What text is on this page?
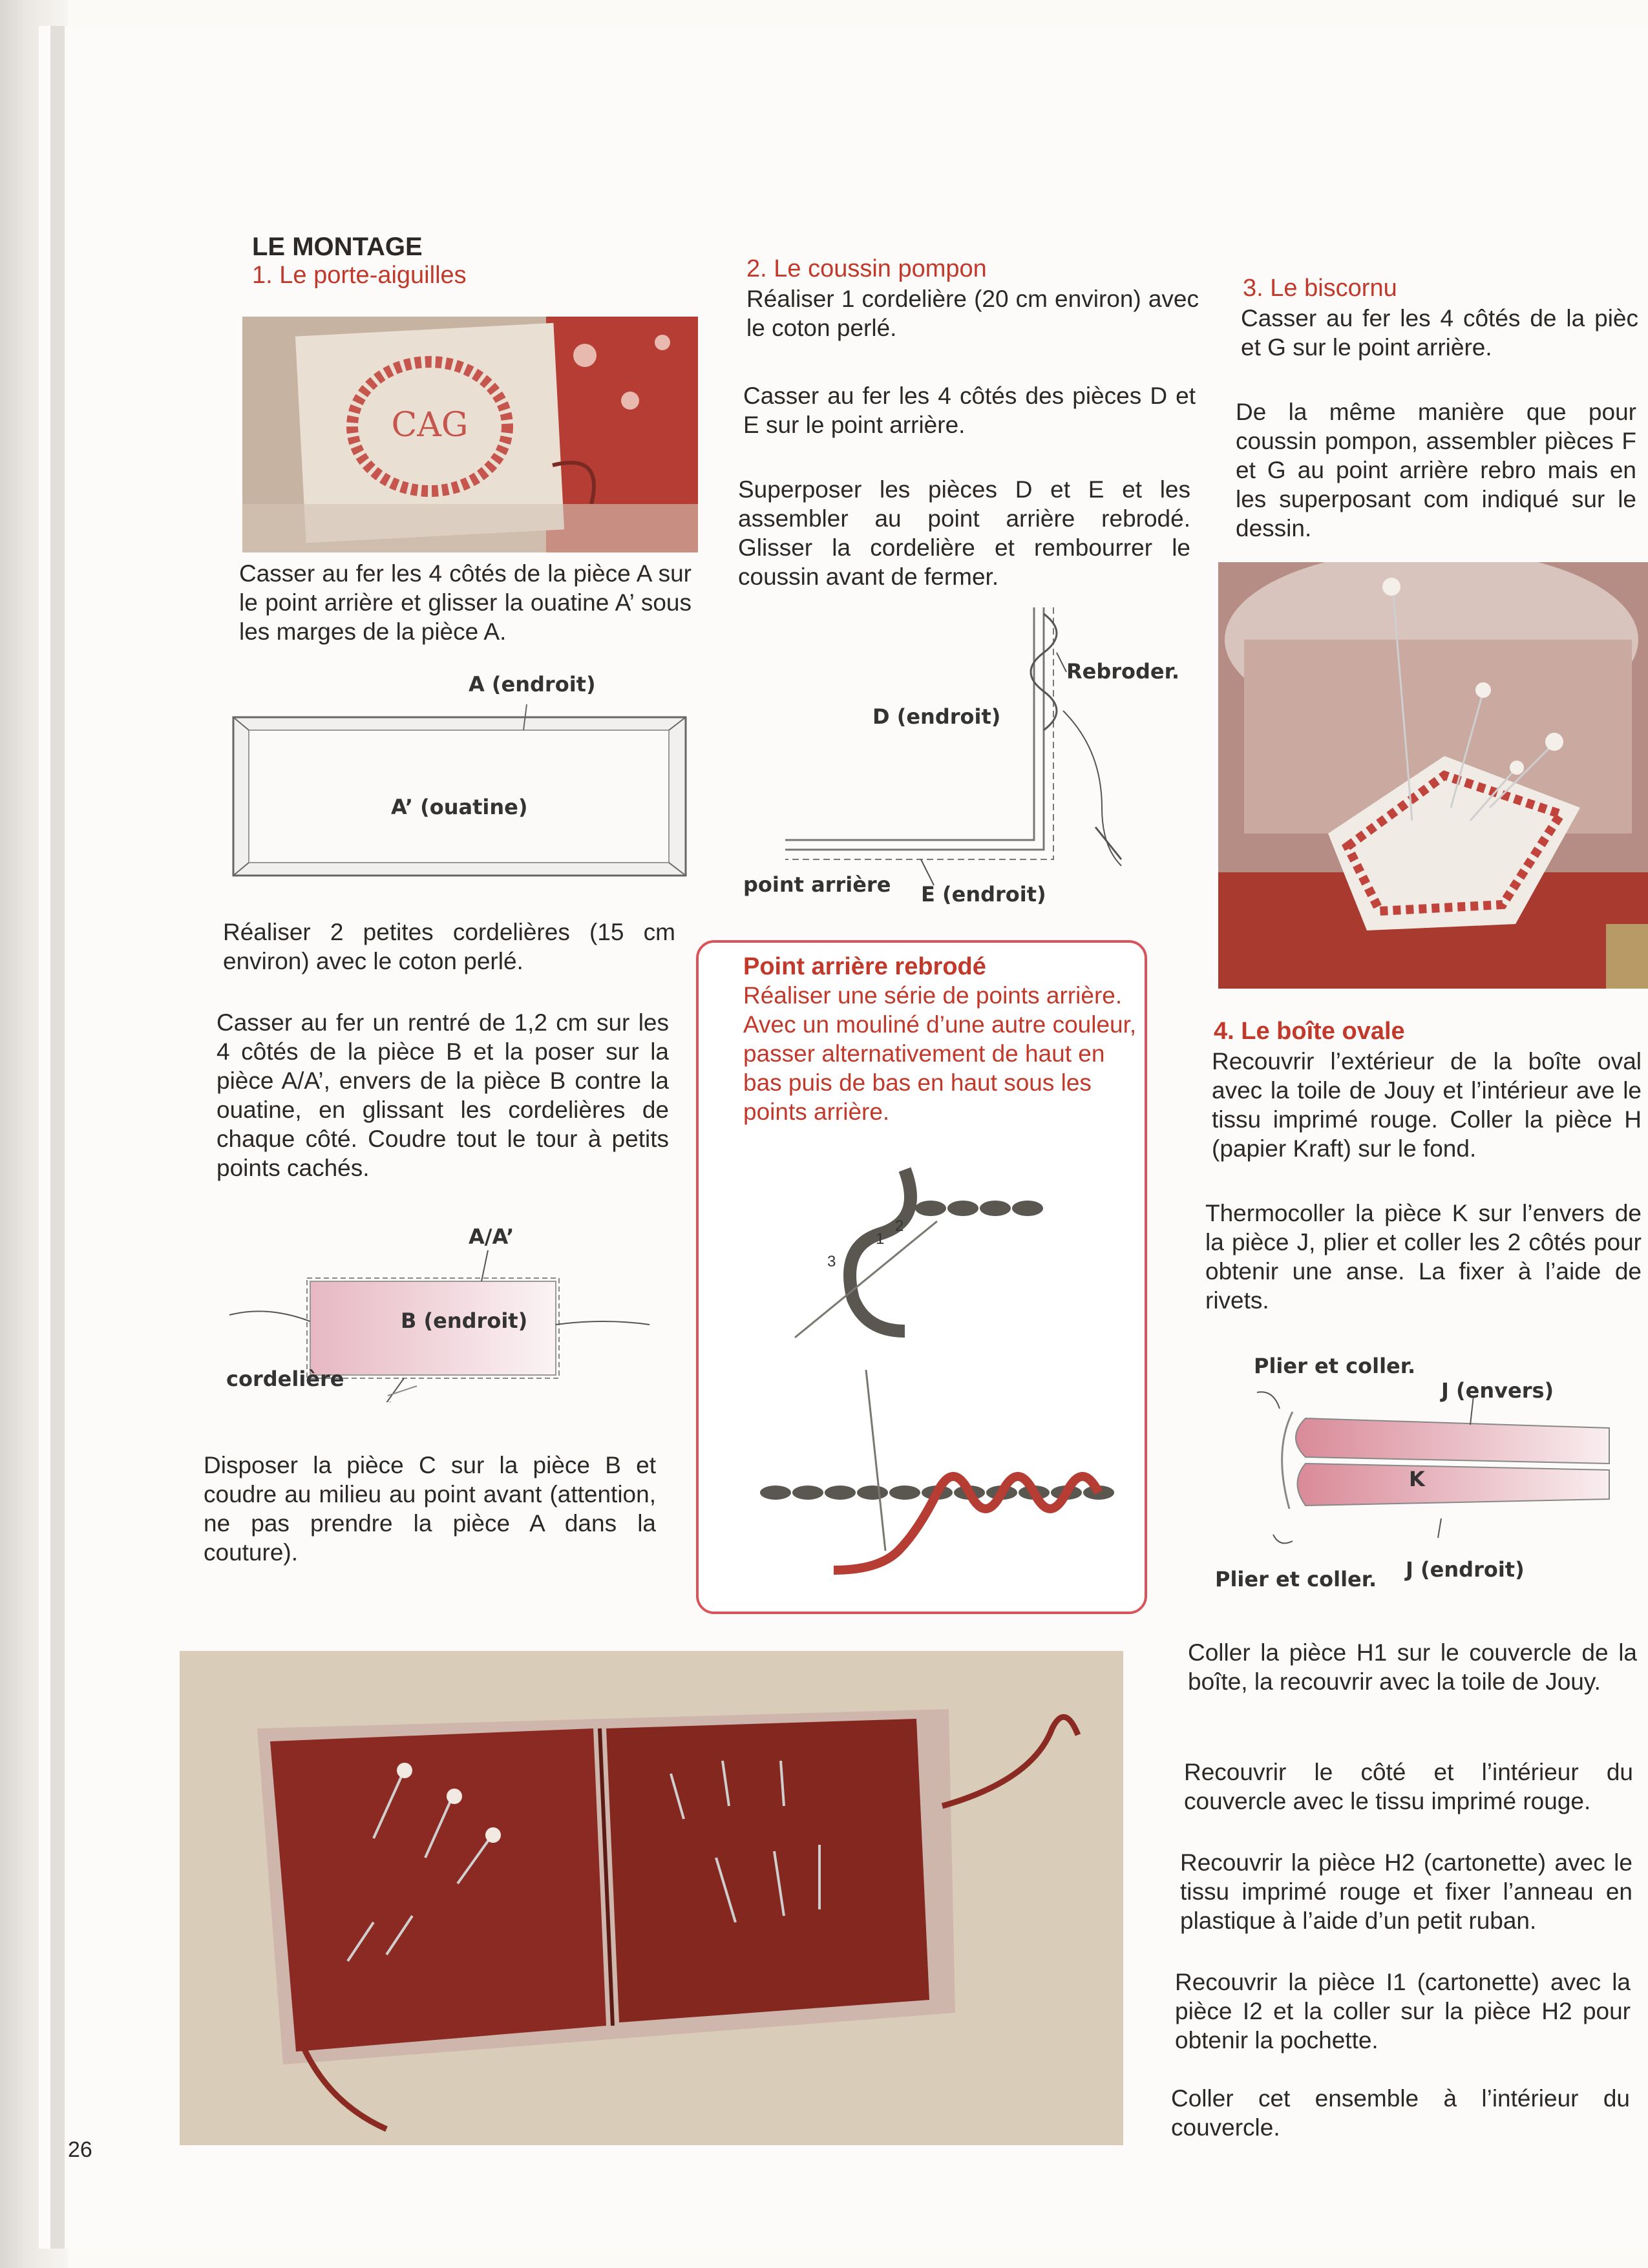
LE MONTAGE
1. Le porte-aiguilles
CAG
Casser au fer les 4 côtés de la pièce A sur le point arrière et glisser la ouatine A’ sous les marges de la pièce A.
A (endroit)
A’ (ouatine)
Réaliser 2 petites cordelières (15 cm environ) avec le coton perlé.
Casser au fer un rentré de 1,2 cm sur les 4 côtés de la pièce B et la poser sur la pièce A/A’, envers de la pièce B contre la ouatine, en glissant les cordelières de chaque côté. Coudre tout le tour à petits points cachés.
A/A’
B (endroit)
cordelière
Disposer la pièce C sur la pièce B et coudre au milieu au point avant (attention, ne pas prendre la pièce A dans la couture).
26
2. Le coussin pompon
Réaliser 1 cordelière (20 cm environ) avec le coton perlé.
Casser au fer les 4 côtés des pièces D et E sur le point arrière.
Superposer les pièces D et E et les assembler au point arrière rebrodé. Glisser la cordelière et rembourrer le coussin avant de fermer.
Rebroder.
D (endroit)
point arrière E (endroit)
Point arrière rebrodé
Réaliser une série de points arrière. Avec un mouliné d’une autre couleur, passer alternativement de haut en bas puis de bas en haut sous les points arrière.
1
2
3
3. Le biscornu
Casser au fer les 4 côtés de la pièc et G sur le point arrière.
De la même manière que pour coussin pompon, assembler pièces F et G au point arrière rebro mais en les superposant com indiqué sur le dessin.
4. Le boîte ovale
Recouvrir l’extérieur de la boîte oval avec la toile de Jouy et l’intérieur ave le tissu imprimé rouge. Coller la pièce H (papier Kraft) sur le fond.
Thermocoller la pièce K sur l’envers de la pièce J, plier et coller les 2 côtés pour obtenir une anse. La fixer à l’aide de rivets.
Plier et coller.
J (envers)
K
Plier et coller. J (endroit)
Coller la pièce H1 sur le couvercle de la boîte, la recouvrir avec la toile de Jouy.
Recouvrir le côté et l’intérieur du couvercle avec le tissu imprimé rouge.
Recouvrir la pièce H2 (cartonette) avec le tissu imprimé rouge et fixer l’anneau en plastique à l’aide d’un petit ruban.
Recouvrir la pièce I1 (cartonette) avec la pièce I2 et la coller sur la pièce H2 pour obtenir la pochette.
Coller cet ensemble à l’intérieur du couvercle.
